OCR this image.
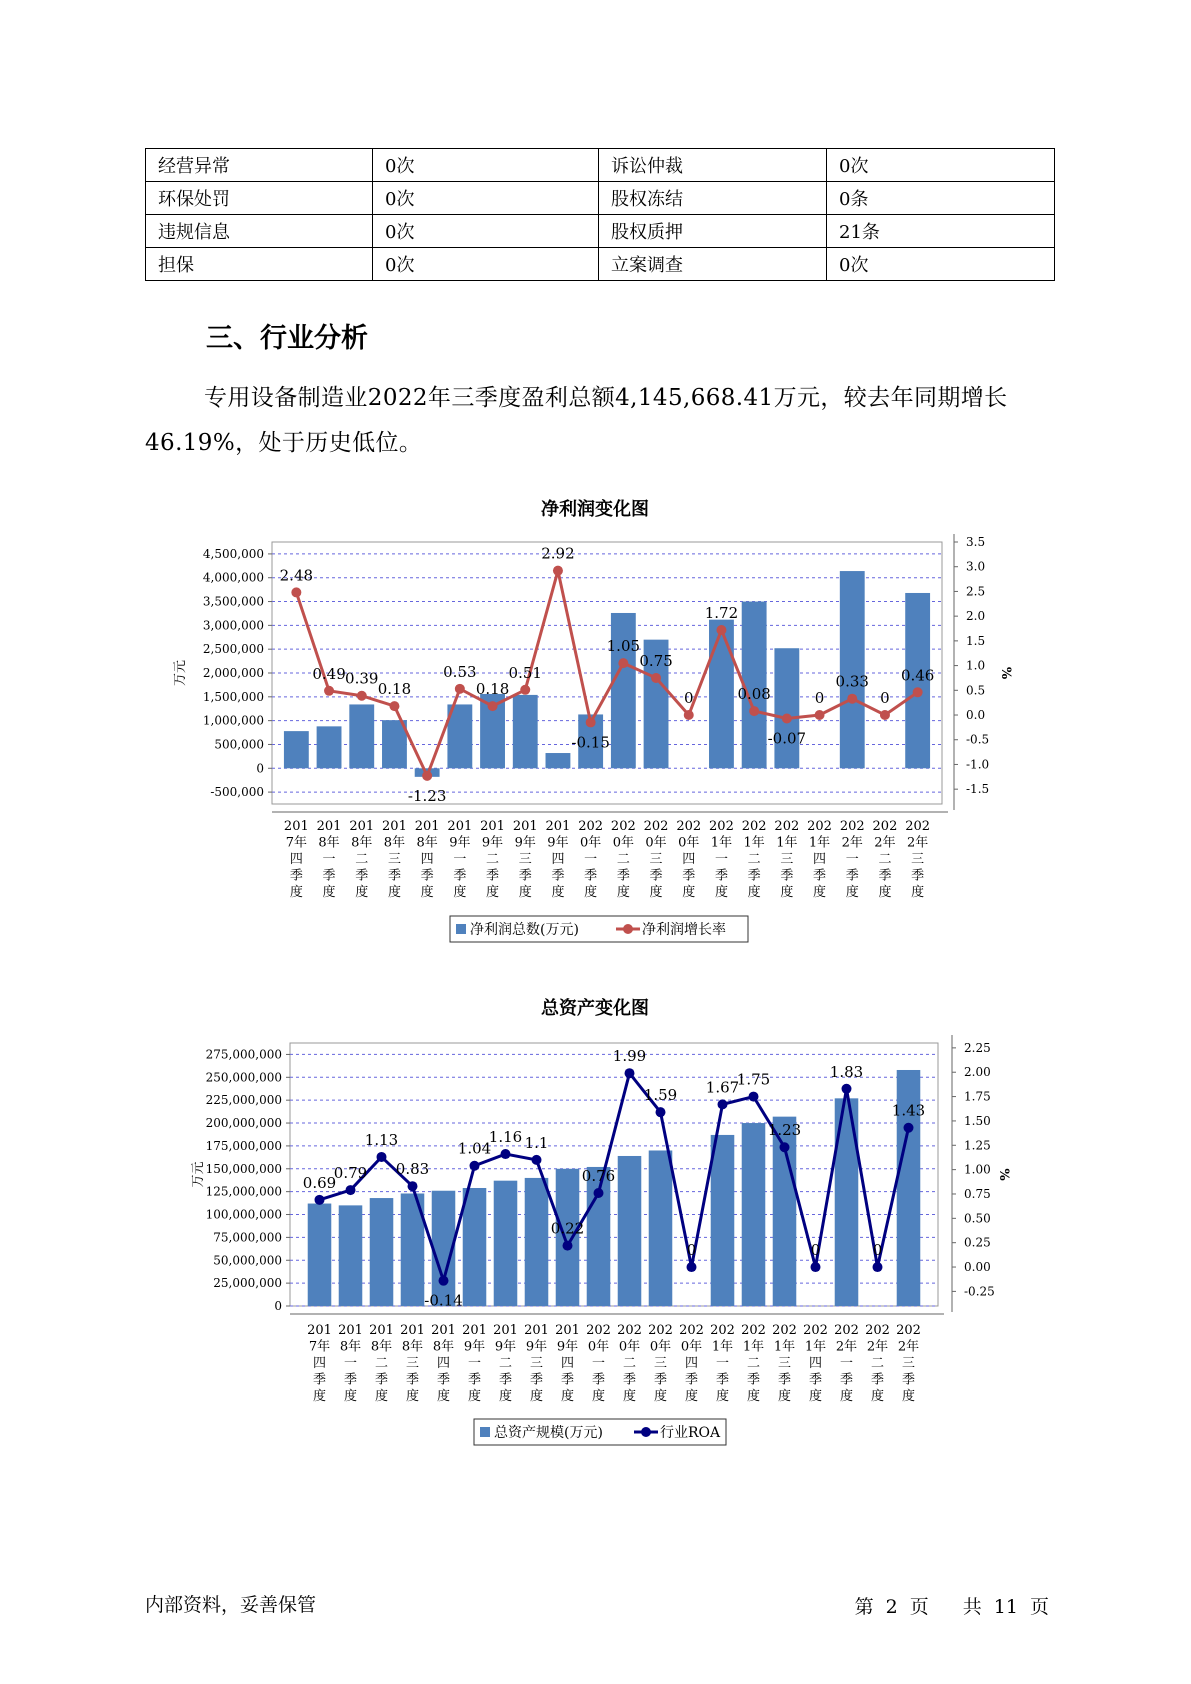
经营异常	0次	诉讼仲裁	0次
环保处罚	0次	股权冻结	0条
违规信息	0次	股权质押	21条
担保	0次	立案调查	0次
三、行业分析

专用设备制造业2022年三季度盈利总额4,145,668.41万元，较去年同期增长46.19%，处于历史低位。

净利润变化图
4,500,000
4,000,000
3,500,000
3,000,000
2,500,000
2,000,000
1,500,000
1,000,000
500,000
0
-500,000
3.5
3.0
2.5
2.0
1.5
1.0
0.5
0.0
-0.5
-1.0
-1.5
万元	%
2.48
0.49 0.39
0.18
-1.23
0.53
0.18
0.51
2.92
-0.15
1.05
0.75
0
1.72
0.08
-0.07
0
0.33
0
0.46
201
7年
四
季
度
201
8年
一
季
度
201
8年
二
季
度
201
8年
三
季
度
201
8年
四
季
度
201
9年
一
季
度
201
9年
二
季
度
201
9年
三
季
度
201
9年
四
季
度
202
0年
一
季
度
202
0年
二
季
度
202
0年
三
季
度
202
0年
四
季
度
202
1年
一
季
度
202
1年
二
季
度
202
1年
三
季
度
202
1年
四
季
度
202
2年
一
季
度
202
2年
二
季
度
202
2年
三
季
度
净利润总数(万元)	净利润增长率
总资产变化图
275,000,000
250,000,000
225,000,000
200,000,000
175,000,000
150,000,000
125,000,000
100,000,000
75,000,000
50,000,000
25,000,000
0
2.25
2.00
1.75
1.50
1.25
1.00
0.75
0.50
0.25
0.00
-0.25
万元	%
0.69
0.79
1.13
0.83
-0.14
1.04
1.16 1.1
0.22
0.76
1.99
1.59
0
1.67
1.75
1.23
0
1.83
0
1.43
201
7年
四
季
度
201
8年
一
季
度
201
8年
二
季
度
201
8年
三
季
度
201
8年
四
季
度
201
9年
一
季
度
201
9年
二
季
度
201
9年
三
季
度
201
9年
四
季
度
202
0年
一
季
度
202
0年
二
季
度
202
0年
三
季
度
202
0年
四
季
度
202
1年
一
季
度
202
1年
二
季
度
202
1年
三
季
度
202
1年
四
季
度
202
2年
一
季
度
202
2年
二
季
度
202
2年
三
季
度
总资产规模(万元)	行业ROA
内部资料，妥善保管	第 2 页 共 11 页
